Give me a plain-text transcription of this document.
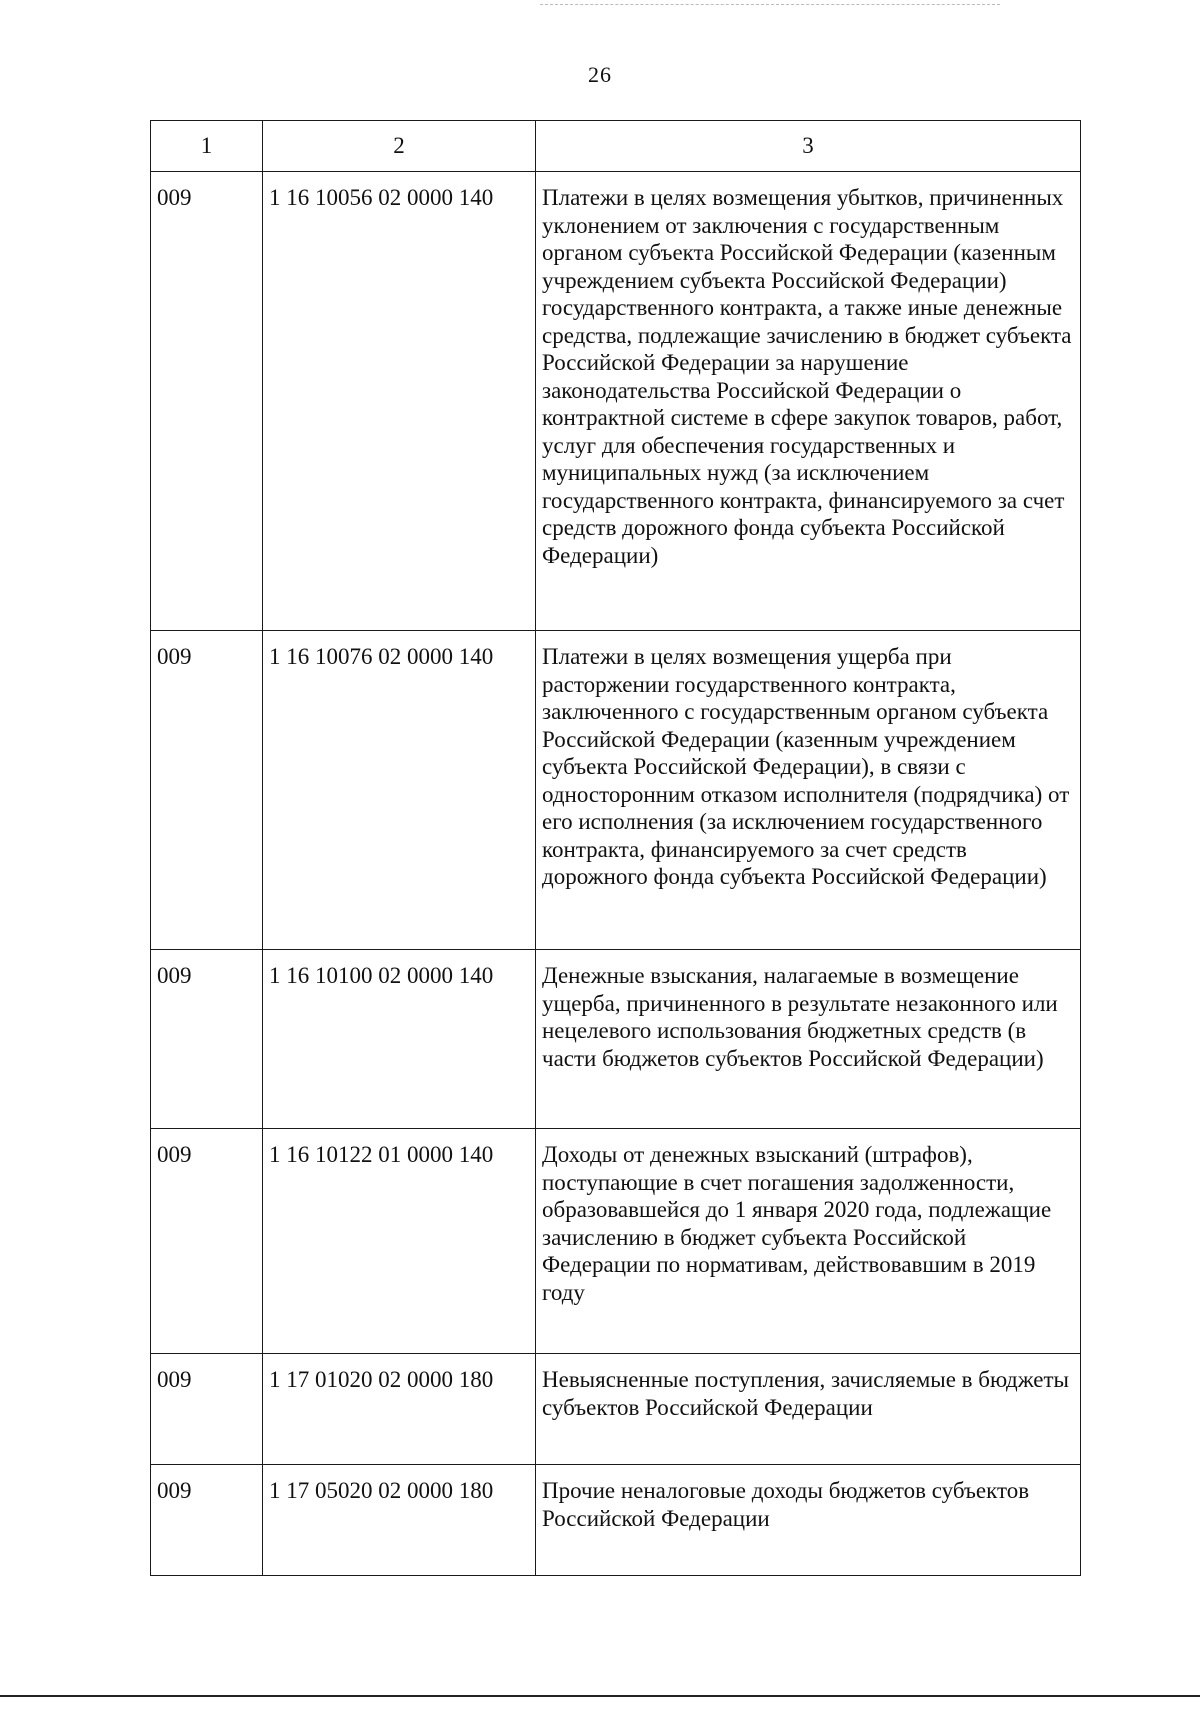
26
1	2	3
009	1 16 10056 02 0000 140	Платежи в целях возмещения убытков, причиненных уклонением от заключения с государственным органом субъекта Российской Федерации (казенным учреждением субъекта Российской Федерации) государственного контракта, а также иные денежные средства, подлежащие зачислению в бюджет субъекта Российской Федерации за нарушение законодательства Российской Федерации о контрактной системе в сфере закупок товаров, работ, услуг для обеспечения государственных и муниципальных нужд (за исключением государственного контракта, финансируемого за счет средств дорожного фонда субъекта Российской Федерации)
009	1 16 10076 02 0000 140	Платежи в целях возмещения ущерба при расторжении государственного контракта, заключенного с государственным органом субъекта Российской Федерации (казенным учреждением субъекта Российской Федерации), в связи с односторонним отказом исполнителя (подрядчика) от его исполнения (за исключением государственного контракта, финансируемого за счет средств дорожного фонда субъекта Российской Федерации)
009	1 16 10100 02 0000 140	Денежные взыскания, налагаемые в возмещение ущерба, причиненного в результате незаконного или нецелевого использования бюджетных средств (в части бюджетов субъектов Российской Федерации)
009	1 16 10122 01 0000 140	Доходы от денежных взысканий (штрафов), поступающие в счет погашения задолженности, образовавшейся до 1 января 2020 года, подлежащие зачислению в бюджет субъекта Российской Федерации по нормативам, действовавшим в 2019 году
009	1 17 01020 02 0000 180	Невыясненные поступления, зачисляемые в бюджеты субъектов Российской Федерации
009	1 17 05020 02 0000 180	Прочие неналоговые доходы бюджетов субъектов Российской Федерации
